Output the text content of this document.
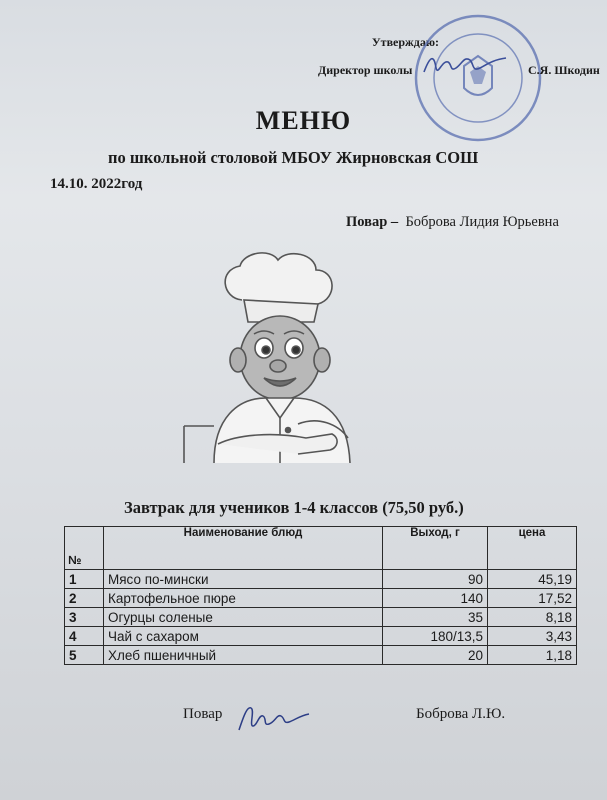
Утверждаю:
Директор школы	С.Я. Шкодин
МЕНЮ
по школьной столовой МБОУ Жирновская СОШ
14.10. 2022год
Повар – Боброва Лидия Юрьевна
Завтрак для учеников 1-4 классов (75,50 руб.)
№	Наименование блюд	Выход, г	цена
1	Мясо по-мински	90	45,19
2	Картофельное пюре	140	17,52
3	Огурцы соленые	35	8,18
4	Чай с сахаром	180/13,5	3,43
5	Хлеб пшеничный	20	1,18
Повар	Боброва Л.Ю.
